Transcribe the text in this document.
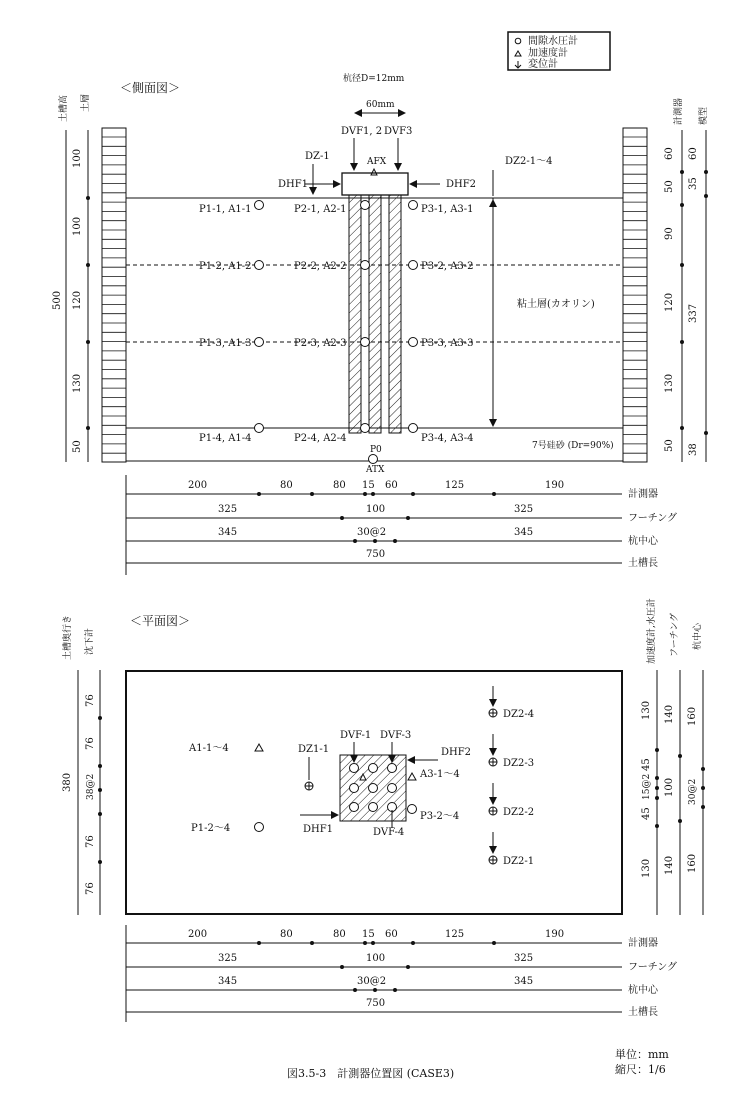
間隙水圧計
加速度計
変位計
＜側面図＞
杭径D=12mm
60mm
土槽高 土層	計測器 模型
500
100
100
120
130
50
DVF1, 2 DVF3
DZ-1	AFX
DHF1	DHF2
DZ2-1～4
P1-1, A1-1	P2-1, A2-1	P3-1, A3-1
P1-2, A1-2	P2-2, A2-2	P3-2, A3-2
P1-3, A1-3	P2-3, A2-3	P3-3, A3-3
P1-4, A1-4	P2-4, A2-4	P3-4, A3-4
粘土層(カオリン)
7号硅砂 (Dr=90%)
P0
ATX
60
50
90
120
130
50
60
35
337
38
200	80	80 15 60	125	190
325	100	325
345	30@2	345
750
計測器
フーチング
杭中心
土槽長
＜平面図＞
土槽奥行き 沈下計
380
76
76
38@2
76
76
A1-1～4
P1-2～4
DZ1-1
DVF-1 DVF-3
DHF2
A3-1～4
P3-2～4
DHF1	DVF-4
DZ2-4
DZ2-3
DZ2-2
DZ2-1
加速度計,水圧計 フーチング 杭中心
130
45
15@2
45
130
140
100
140
160
30@2
160
200	80	80 15 60	125	190
325	100	325
345	30@2	345
750
計測器
フーチング
杭中心
土槽長
単位：mm
縮尺：1/6
図3.5-3　計測器位置図 (CASE3)
